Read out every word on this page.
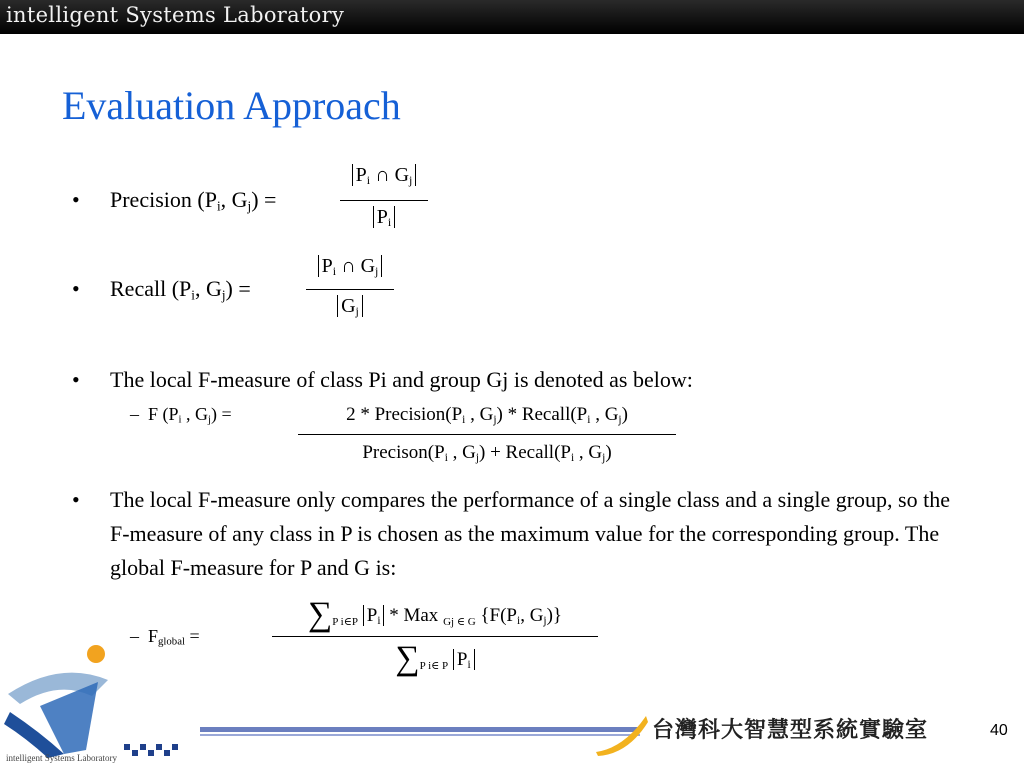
intelligent Systems Laboratory
Evaluation Approach
• Precision ($P_i$, $G_j$) =
$P_i$ ∩ $G_j$
$P_i$
• Recall ($P_i$, $G_j$) =
$P_i$ ∩ $G_j$
$G_j$
• The local F-measure of class Pi and group Gj is denoted as below:
– F ($P_i$ , $G_j$) =	$2 * Precision(P_i$ , $G_j$) * $Recall(P_i$ , $G_j$)
$Precison(P_i$ , $G_j$) + $Recall(P_i$ , $G_j$)
• The local F-measure only compares the performance of a single class and a single group, so the F-measure of any class in P is chosen as the maximum value for the corresponding group. The global F-measure for P and G is:
– $F_{global}$ =
$\sum_{P i\in P}$ $P_i$ * Max $_{Gj \in G}$ {$F(P_i$, $G_j$)}
$\sum_{P i\in P}$ $P_i$
intelligent Systems Laboratory
台灣科大智慧型系統實驗室	40
